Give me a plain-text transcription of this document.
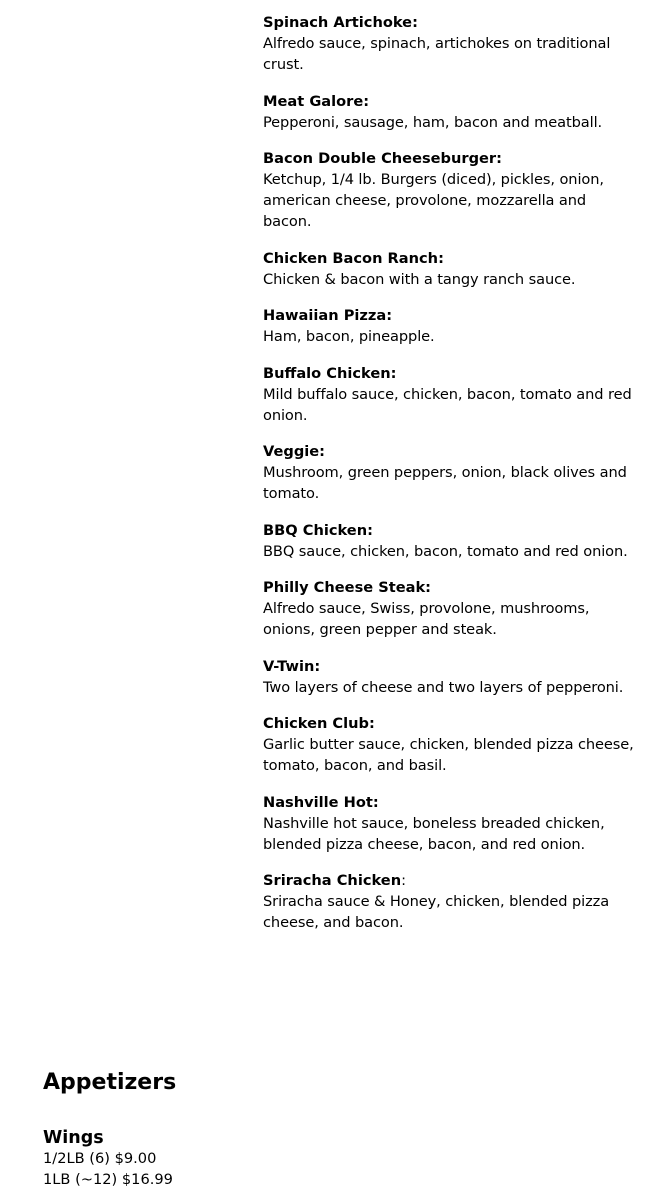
Spinach Artichoke:
Alfredo sauce, spinach, artichokes on traditional crust.
Meat Galore:
Pepperoni, sausage, ham, bacon and meatball.
Bacon Double Cheeseburger:
Ketchup, 1/4 lb. Burgers (diced), pickles, onion, american cheese, provolone, mozzarella and bacon.
Chicken Bacon Ranch:
Chicken & bacon with a tangy ranch sauce.
Hawaiian Pizza:
Ham, bacon, pineapple.
Buffalo Chicken:
Mild buffalo sauce, chicken, bacon, tomato and red onion.
Veggie:
Mushroom, green peppers, onion, black olives and tomato.
BBQ Chicken:
BBQ sauce, chicken, bacon, tomato and red onion.
Philly Cheese Steak:
Alfredo sauce, Swiss, provolone, mushrooms, onions, green pepper and steak.
V-Twin:
Two layers of cheese and two layers of pepperoni.
Chicken Club:
Garlic butter sauce, chicken, blended pizza cheese, tomato, bacon, and basil.
Nashville Hot:
Nashville hot sauce, boneless breaded chicken, blended pizza cheese, bacon, and red onion.
Sriracha Chicken:
Sriracha sauce & Honey, chicken, blended pizza cheese, and bacon.
Appetizers
Wings
1/2LB (6) $9.00
1LB (~12) $16.99
